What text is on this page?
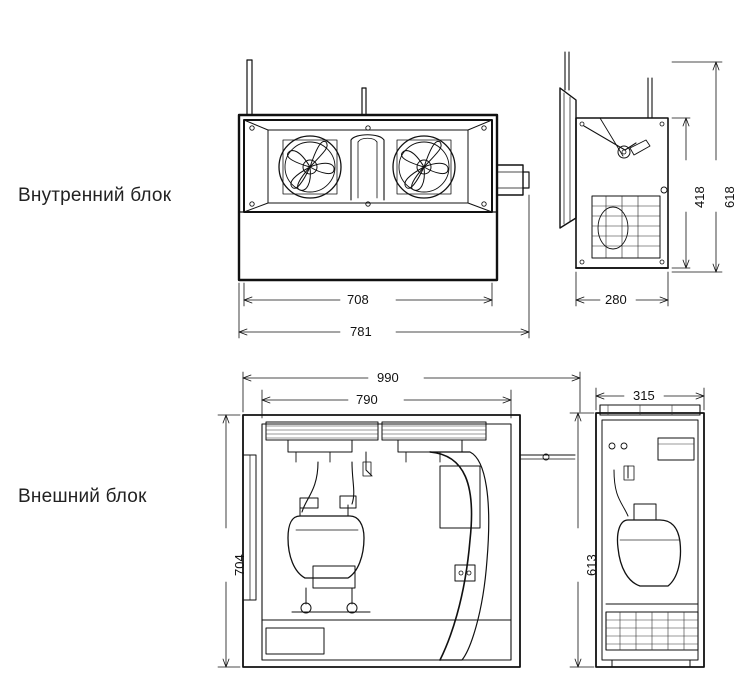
Внутренний блок
Внешний блок
708
781
280
418 618
990
790
704
315
613
